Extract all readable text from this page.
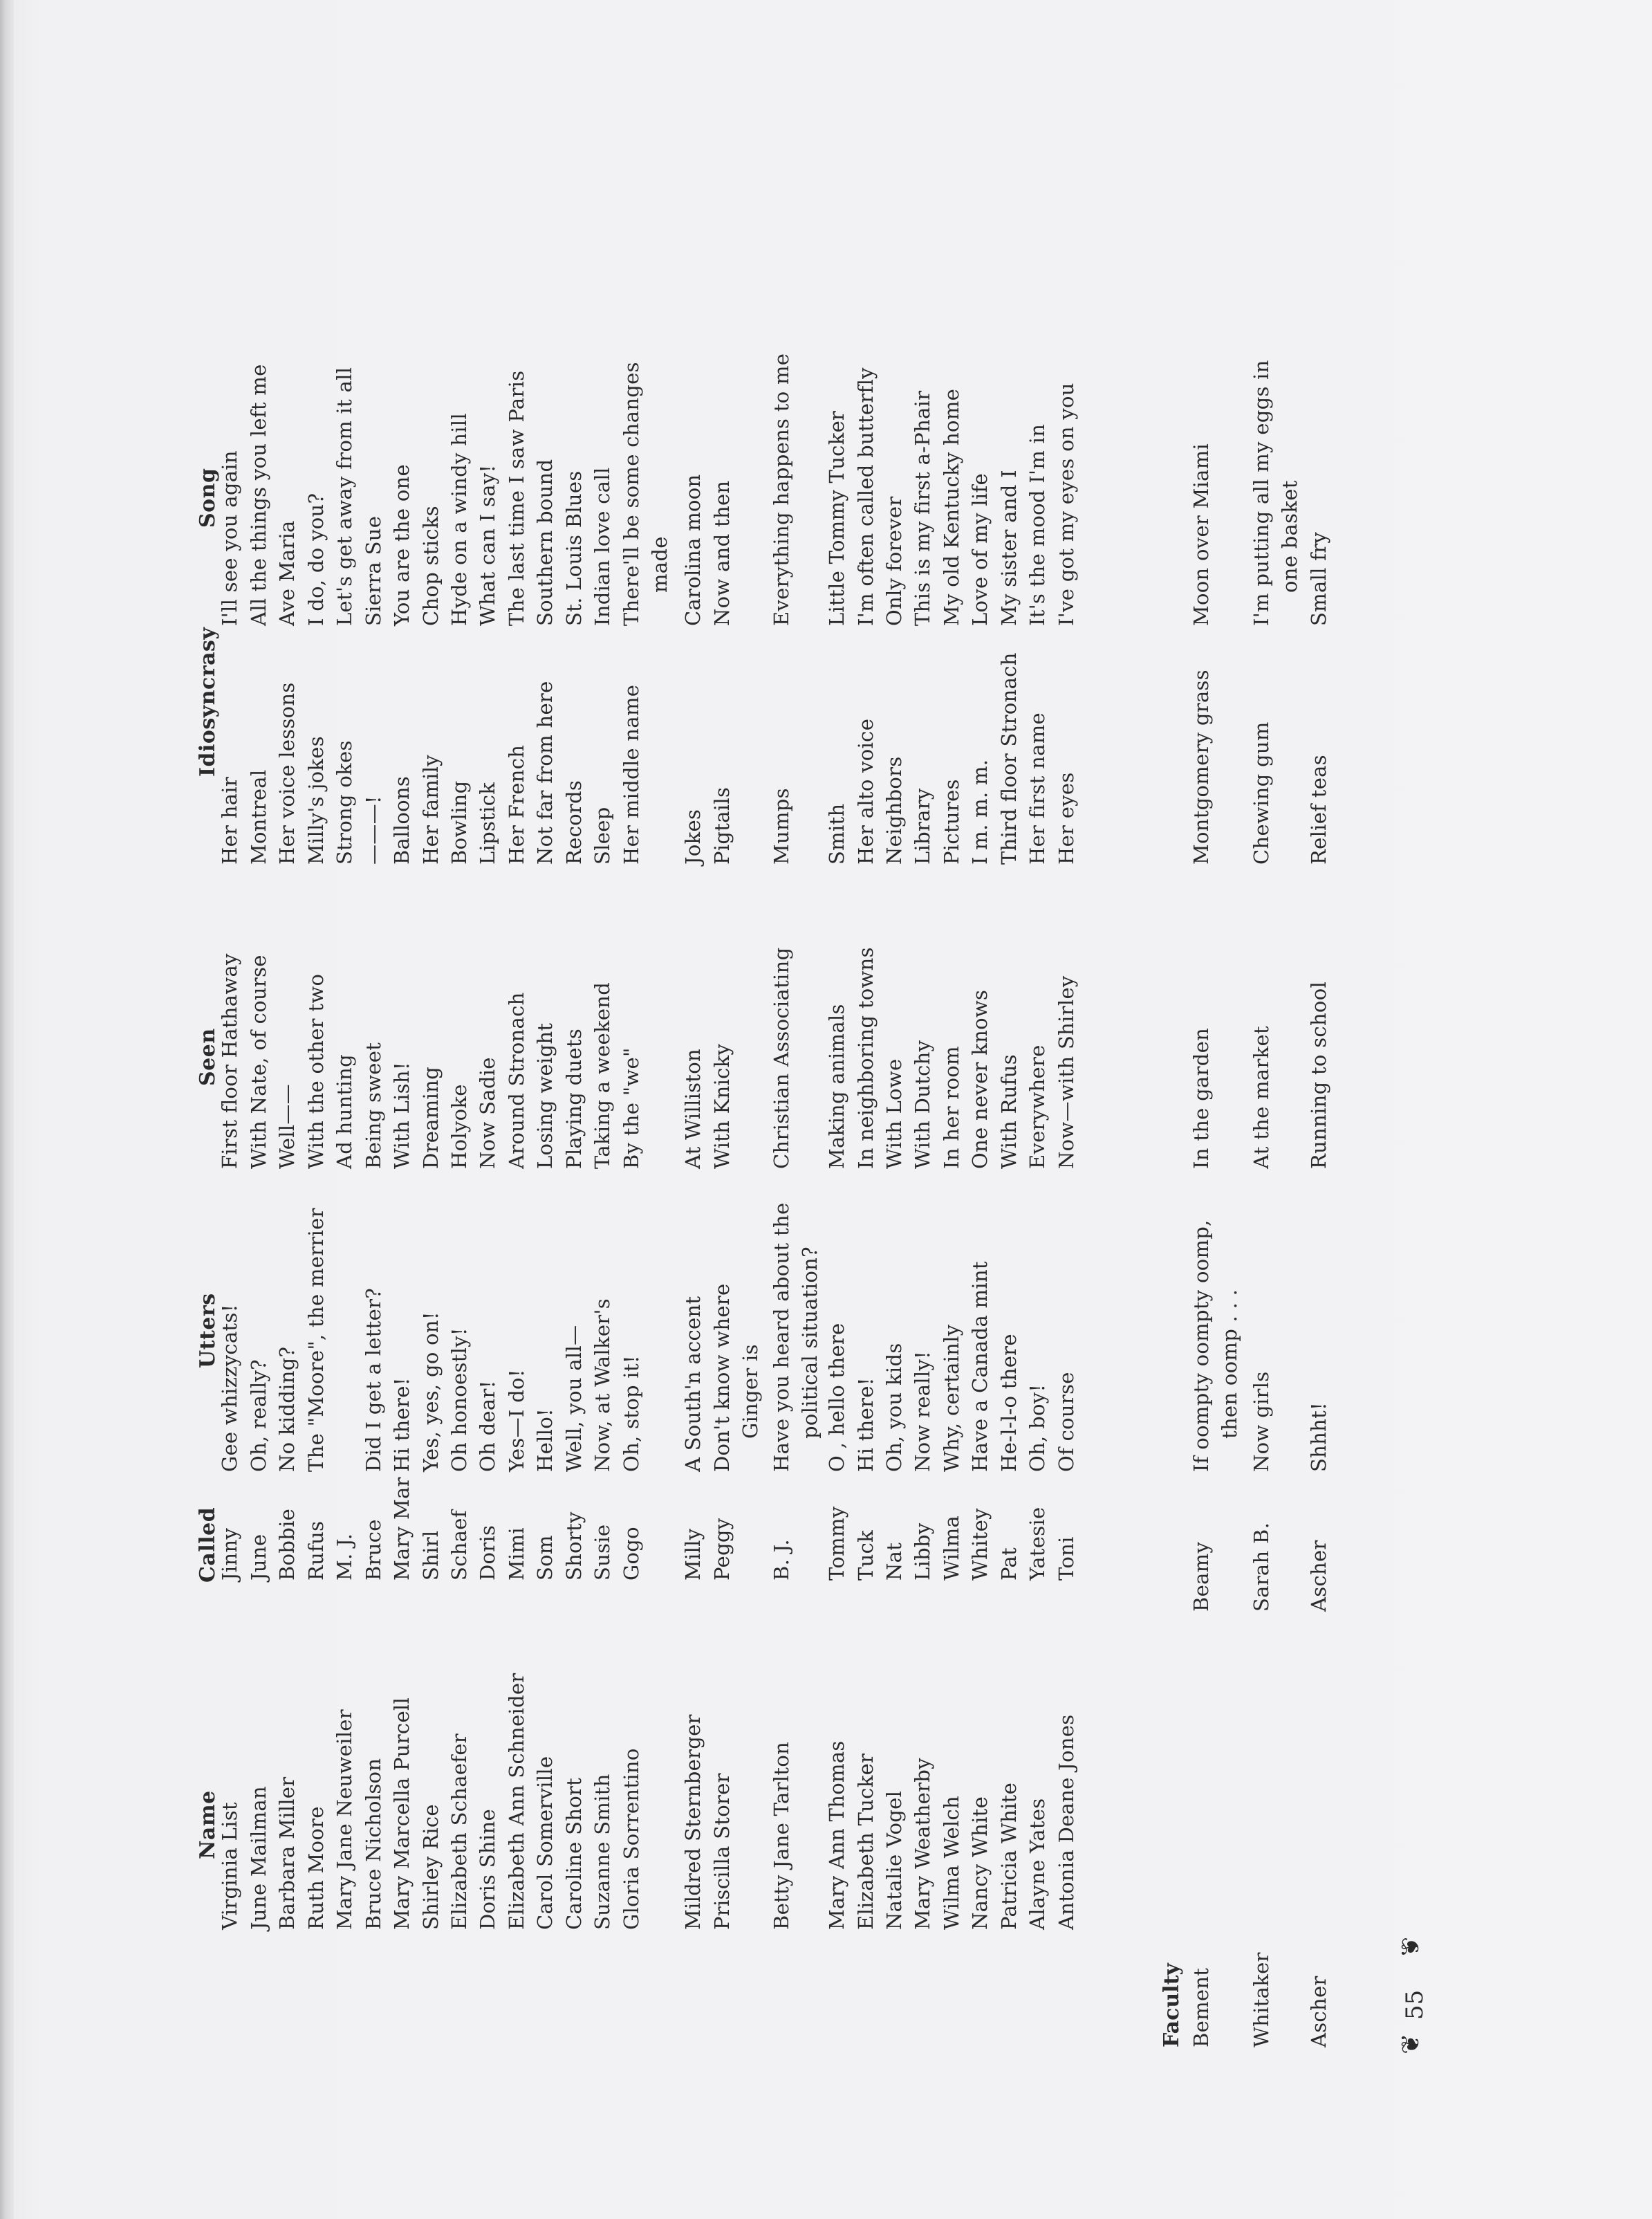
Name
Called
Utters
Seen
Idiosyncrasy
Song
Virginia List
Jinny
Gee whizzycats!
First floor Hathaway
Her hair
I'll see you again
June Mailman
June
Oh, really?
With Nate, of course
Montreal
All the things you left me
Barbara Miller
Bobbie
No kidding?
Well——
Her voice lessons
Ave Maria
Ruth Moore
Rufus
The "Moore", the merrier
With the other two
Milly's jokes
I do, do you?
Mary Jane Neuweiler
M. J.
Ad hunting
Strong okes
Let's get away from it all
Bruce Nicholson
Bruce
Did I get a letter?
Being sweet
———!
Sierra Sue
Mary Marcella Purcell
Mary Mar
Hi there!
With Lish!
Balloons
You are the one
Shirley Rice
Shirl
Yes, yes, go on!
Dreaming
Her family
Chop sticks
Elizabeth Schaefer
Schaef
Oh honoestly!
Holyoke
Bowling
Hyde on a windy hill
Doris Shine
Doris
Oh dear!
Now Sadie
Lipstick
What can I say!
Elizabeth Ann Schneider
Mimi
Yes—I do!
Around Stronach
Her French
The last time I saw Paris
Carol Somerville
Som
Hello!
Losing weight
Not far from here
Southern bound
Caroline Short
Shorty
Well, you all—
Playing duets
Records
St. Louis Blues
Suzanne Smith
Susie
Now, at Walker's
Taking a weekend
Sleep
Indian love call
Gloria Sorrentino
Gogo
Oh, stop it!
By the "we"
Her middle name
There'll be some changes made
Mildred Sternberger
Milly
A South'n accent
At Williston
Jokes
Carolina moon
Priscilla Storer
Peggy
Don't know where
With Knicky
Pigtails
Now and then
Ginger is
Betty Jane Tarlton
B. J.
Have you heard about the
Christian Associating
Mumps
Everything happens to me
political situation?
Mary Ann Thomas
Tommy
O , hello there
Making animals
Smith
Little Tommy Tucker
Elizabeth Tucker
Tuck
Hi there!
In neighboring towns
Her alto voice
I'm often called butterfly
Natalie Vogel
Nat
Oh, you kids
With Lowe
Neighbors
Only forever
Mary Weatherby
Libby
Now really!
With Dutchy
Library
This is my first a-Phair
Wilma Welch
Wilma
Why, certainly
In her room
Pictures
My old Kentucky home
Nancy White
Whitey
Have a Canada mint
One never knows
I m. m. m.
Love of my life
Patricia White
Pat
He-l-l-o there
With Rufus
Third floor Stronach
My sister and I
Alayne Yates
Yatesie
Oh, boy!
Everywhere
Her first name
It's the mood I'm in
Antonia Deane Jones
Toni
Of course
Now—with Shirley
Her eyes
I've got my eyes on you
Faculty Bement
Beamy
If oompty oompty oomp,
In the garden
Montgomery grass
Moon over Miami
then oomp . . .
Whitaker
Sarah B.
Now girls
At the market
Chewing gum
I'm putting all my eggs in one basket
Ascher
Ascher
Shhht!
Running to school
Relief teas
Small fry
❦
55
❦
